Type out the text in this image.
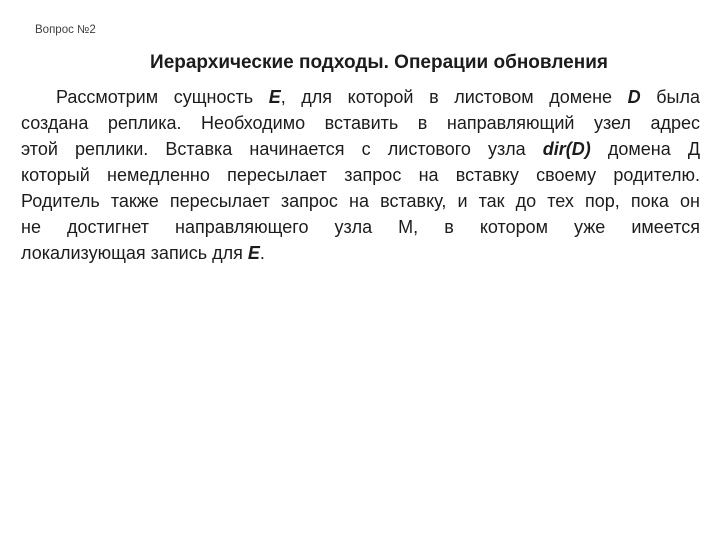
Вопрос №2
Иерархические подходы. Операции обновления
Рассмотрим сущность E, для которой в листовом домене D была
создана реплика. Необходимо вставить в направляющий узел адрес
этой реплики. Вставка начинается с листового узла dir(D) домена Д
который немедленно пересылает запрос на вставку своему родителю.
Родитель также пересылает запрос на вставку, и так до тех пор, пока он
не достигнет направляющего узла М, в котором уже имеется
локализующая запись для E.
